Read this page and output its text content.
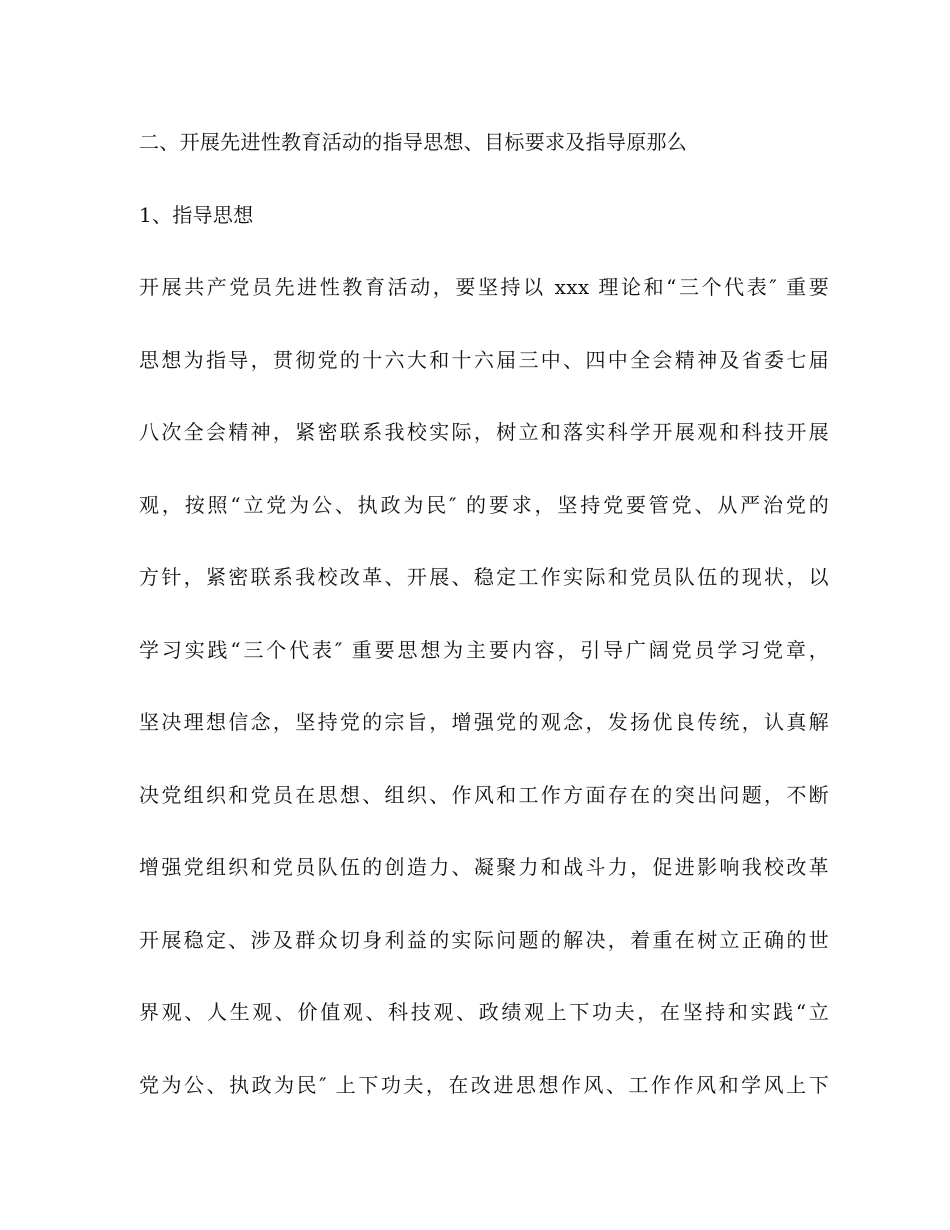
二、开展先进性教育活动的指导思想、目标要求及指导原那么
1、指导思想
开展共产党员先进性教育活动，要坚持以 xxx 理论和“三个代表″ 重要
思想为指导，贯彻党的十六大和十六届三中、四中全会精神及省委七届
八次全会精神，紧密联系我校实际，树立和落实科学开展观和科技开展
观，按照“立党为公、执政为民″ 的要求，坚持党要管党、从严治党的
方针，紧密联系我校改革、开展、稳定工作实际和党员队伍的现状，以
学习实践“三个代表″ 重要思想为主要内容，引导广阔党员学习党章，
坚决理想信念，坚持党的宗旨，增强党的观念，发扬优良传统，认真解
决党组织和党员在思想、组织、作风和工作方面存在的突出问题，不断
增强党组织和党员队伍的创造力、凝聚力和战斗力，促进影响我校改革
开展稳定、涉及群众切身利益的实际问题的解决，着重在树立正确的世
界观、人生观、价值观、科技观、政绩观上下功夫，在坚持和实践“立
党为公、执政为民″ 上下功夫，在改进思想作风、工作作风和学风上下
